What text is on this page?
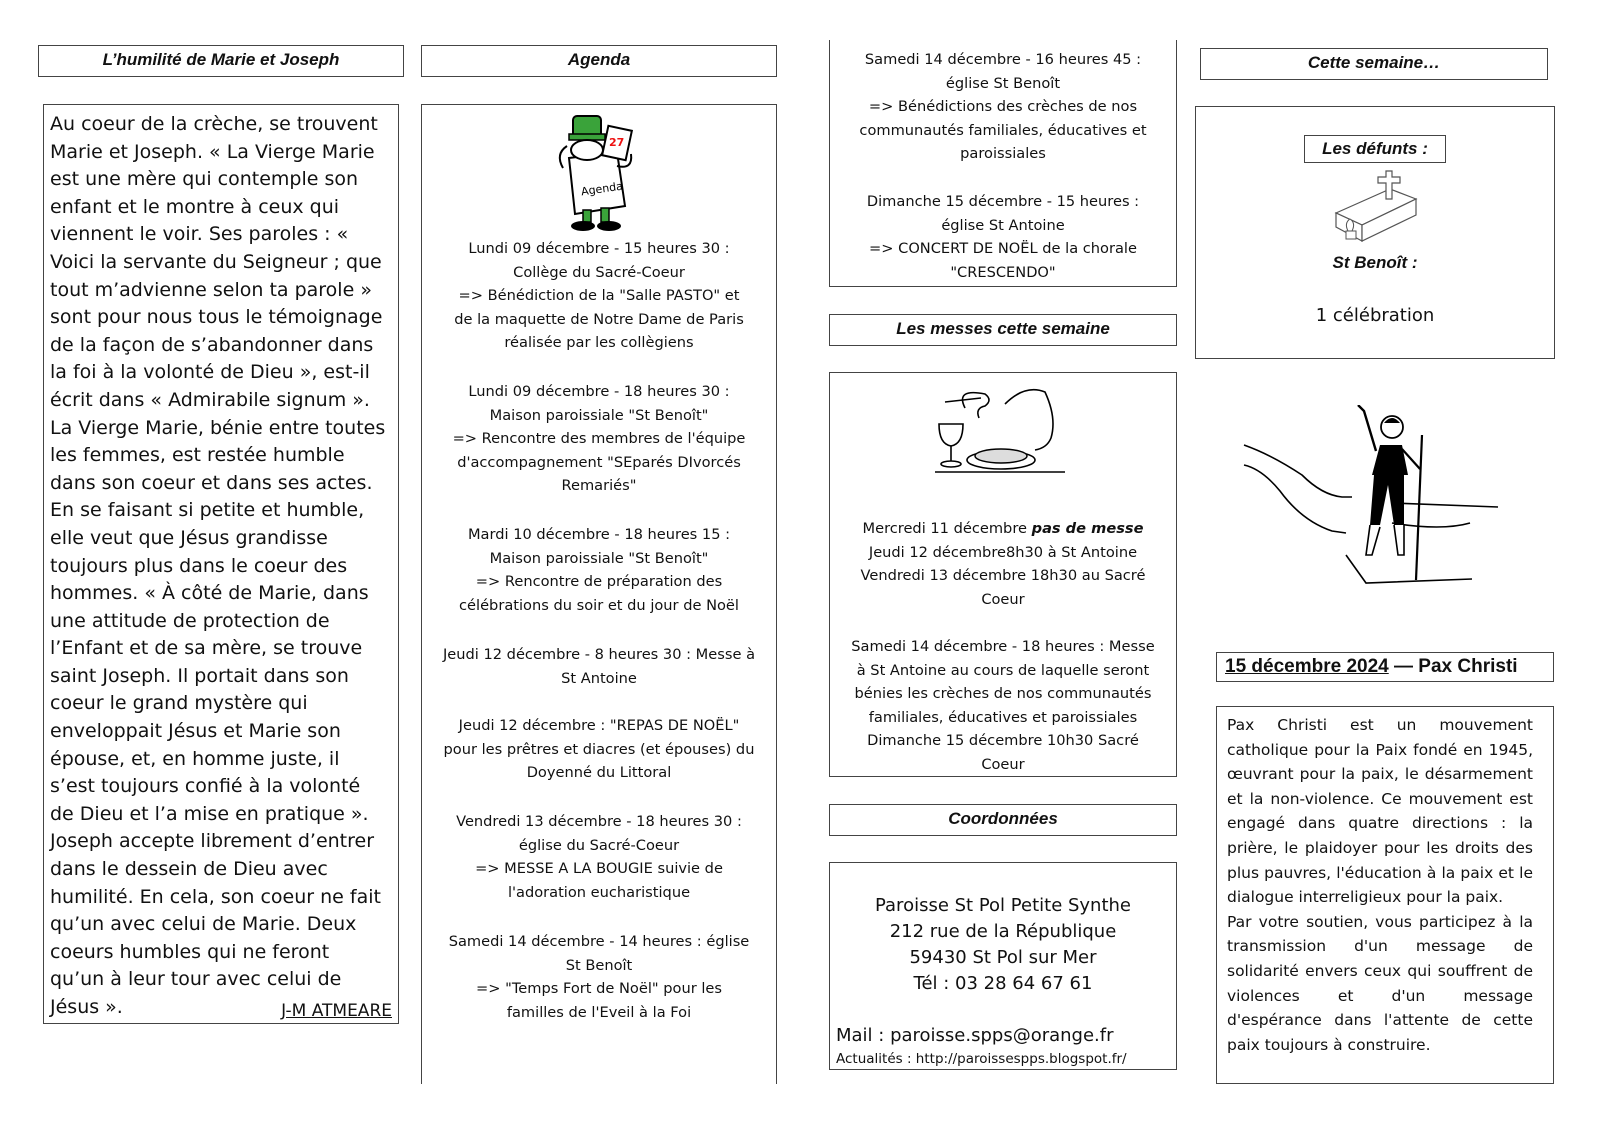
L’humilité de Marie et Joseph
Au coeur de la crèche, se trouvent Marie et Joseph. « La Vierge Marie est une mère qui contemple son enfant et le montre à ceux qui viennent le voir. Ses paroles : « Voici la servante du Seigneur ; que tout m’advienne selon ta parole » sont pour nous tous le témoignage de la façon de s’abandonner dans la foi à la volonté de Dieu », est-il écrit dans « Admirabile signum ». La Vierge Marie, bénie entre toutes les femmes, est restée humble dans son coeur et dans ses actes. En se faisant si petite et humble, elle veut que Jésus grandisse toujours plus dans le coeur des hommes. « À côté de Marie, dans une attitude de protection de l’Enfant et de sa mère, se trouve saint Joseph. Il portait dans son coeur le grand mystère qui enveloppait Jésus et Marie son épouse, et, en homme juste, il s’est toujours confié à la volonté de Dieu et l’a mise en pratique ». Joseph accepte librement d’entrer dans le dessein de Dieu avec humilité. En cela, son coeur ne fait qu’un avec celui de Marie. Deux coeurs humbles qui ne feront qu’un à leur tour avec celui de Jésus ».	J-M ATMEARE
Agenda
Agenda
27
Lundi 09 décembre - 15 heures 30 :
Collège du Sacré-Coeur
=> Bénédiction de la "Salle PASTO" et
de la maquette de Notre Dame de Paris
réalisée par les collègiens
Lundi 09 décembre - 18 heures 30 :
Maison paroissiale "St Benoît"
=> Rencontre des membres de l'équipe
d'accompagnement "SEparés DIvorcés
Remariés"
Mardi 10 décembre - 18 heures 15 :
Maison paroissiale "St Benoît"
=> Rencontre de préparation des
célébrations du soir et du jour de Noël
Jeudi 12 décembre - 8 heures 30 : Messe à
St Antoine
Jeudi 12 décembre : "REPAS DE NOËL"
pour les prêtres et diacres (et épouses) du
Doyenné du Littoral
Vendredi 13 décembre - 18 heures 30 :
église du Sacré-Coeur
=> MESSE A LA BOUGIE suivie de
l'adoration eucharistique
Samedi 14 décembre - 14 heures : église
St Benoît
=> "Temps Fort de Noël" pour les
familles de l'Eveil à la Foi
Samedi 14 décembre - 16 heures 45 :
église St Benoît
=> Bénédictions des crèches de nos
communautés familiales, éducatives et
paroissiales
Dimanche 15 décembre - 15 heures :
église St Antoine
=> CONCERT DE NOËL de la chorale
"CRESCENDO"
Les messes cette semaine
Mercredi 11 décembre pas de messe
Jeudi 12 décembre8h30 à St Antoine
Vendredi 13 décembre 18h30 au Sacré
Coeur
Samedi 14 décembre - 18 heures : Messe
à St Antoine au cours de laquelle seront
bénies les crèches de nos communautés
familiales, éducatives et paroissiales
Dimanche 15 décembre 10h30 Sacré
Coeur
Coordonnées
Paroisse St Pol Petite Synthe
212 rue de la République
59430 St Pol sur Mer
Tél : 03 28 64 67 61
Mail : paroisse.spps@orange.fr
Actualités : http://paroissespps.blogspot.fr/
Cette semaine…
Les défunts :
St Benoît :
1 célébration
15 décembre 2024 — Pax Christi
Pax Christi est un mouvement catholique pour la Paix fondé en 1945, œuvrant pour la paix, le désarmement et la non-violence. Ce mouvement est engagé dans quatre directions : la prière, le plaidoyer pour les droits des plus pauvres, l'éducation à la paix et le dialogue interreligieux pour la paix.
Par votre soutien, vous participez à la transmission d'un message de solidarité envers ceux qui souffrent de violences et d'un message d'espérance dans l'attente de cette paix toujours à construire.
